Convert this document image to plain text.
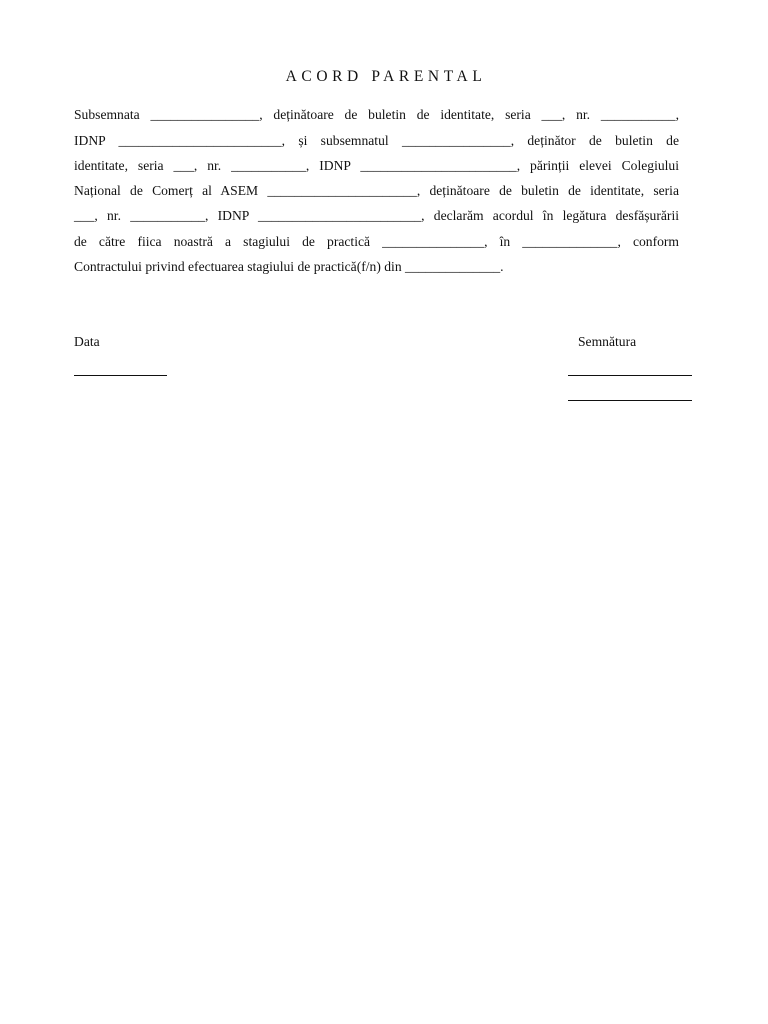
ACORD PARENTAL
Subsemnata ________________, deținătoare de buletin de identitate, seria ___, nr. ___________,
IDNP ________________________, și subsemnatul ________________, deținător de buletin de
identitate, seria ___, nr. ___________, IDNP _______________________, părinții elevei Colegiului
Național de Comerț al ASEM ______________________, deținătoare de buletin de identitate, seria
___, nr. ___________, IDNP ________________________, declarăm acordul în legătura desfășurării
de către fiica noastră a stagiului de practică _______________, în ______________, conform
Contractului privind efectuarea stagiului de practică(f/n) din ______________.
Data	Semnătura
